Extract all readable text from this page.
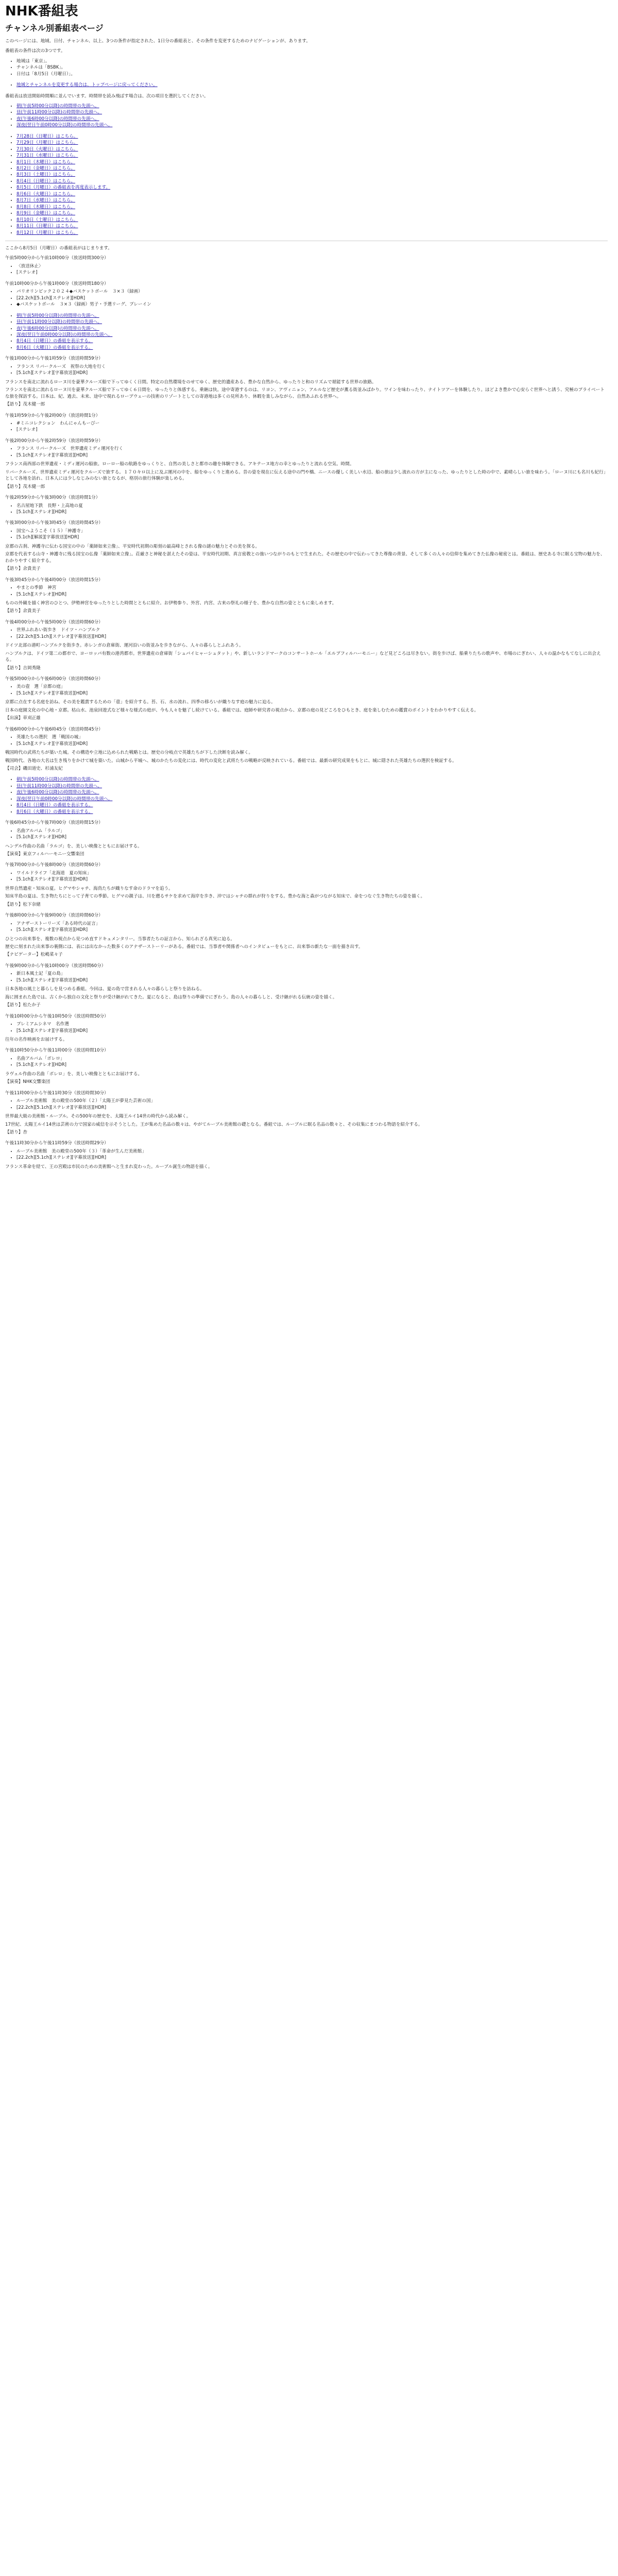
NHK番組表
チャンネル別番組表ページ

このページには、地域、日付、チャンネル、以上、3つの条件が指定された、1日分の番組表と、その条件を変更するためのナビゲーションが、あります。

番組表の条件は次の3つです。

• 地域は「東京」。
• チャンネルは「BSBK」。
• 日付は「8月5日（月曜日）」。
• 地域とチャンネルを変更する場合は、トップページに戻ってください。

番組表は放送開始時間順に並んでいます。時間帯を読み飛ばす場合は、次の項目を選択してください。

• 朝(午前5時00分以降)の時間帯の先頭へ。
• 昼(午前11時00分以降)の時間帯の先頭へ。
• 夜(午後6時00分以降)の時間帯の先頭へ。
• 深夜(翌日午前0時00分以降)の時間帯の先頭へ。
• 7月28日（日曜日）はこちら。
• 7月29日（月曜日）はこちら。
• 7月30日（火曜日）はこちら。
• 7月31日（水曜日）はこちら。
• 8月1日（木曜日）はこちら。
• 8月2日（金曜日）はこちら。
• 8月3日（土曜日）はこちら。
• 8月4日（日曜日）はこちら。
• 8月5日（月曜日）の番組表を再度表示します。
• 8月6日（火曜日）はこちら。
• 8月7日（水曜日）はこちら。
• 8月8日（木曜日）はこちら。
• 8月9日（金曜日）はこちら。
• 8月10日（土曜日）はこちら。
• 8月11日（日曜日）はこちら。
• 8月12日（月曜日）はこちら。

ここから8月5日（月曜日）の番組表がはじまります。

午前5時00分から午前10時00分（放送時間300分）
• 〈放送休止〉
• [ステレオ]
午前10時00分から午後1時00分（放送時間180分）
• パリオリンピック２０２４◆バスケットボール　３×３（録画）
• [22.2ch][5.1ch][ステレオ][HDR]
• ◆バスケットボール　３×３（録画）男子・予選リーグ、プレーイン
• 朝(午前5時00分以降)の時間帯の先頭へ。
• 昼(午前11時00分以降)の時間帯の先頭へ。
• 夜(午後6時00分以降)の時間帯の先頭へ。
• 深夜(翌日午前0時00分以降)の時間帯の先頭へ。
• 8月4日（日曜日）の番組を表示する。
• 8月6日（火曜日）の番組を表示する。
午後1時00分から午後1時59分（放送時間59分）
• フランス リバークルーズ　祝祭の大地を行く
• [5.1ch][ステレオ][字幕放送][HDR]

フランスを南北に流れるローヌ川を豪華クルーズ船で下ってゆくく日間。特定の自然環境をのせてゆく、歴史的遺産ある、豊かな自然から、ゆったりと和のリズムで堪能する世界の旅路。

フランスを南北に流れるローヌ川を豪華クルーズ船で下ってゆく６日間を、ゆったりと体感する。乗継は快。途中寄港するのは、リヨン、アヴィニョン、アルルなど歴史が薫る街並みばかり。ワインを味わったり、ナイトツアーを体験したり。ほどよき豊かで心安らぐ世界へと誘う、究極のプライベートな旅を探訪する。日本は、紀、過去、未来、途中で現れるロープウェーの技術のリゾートとしての寄港地は多くの見所あり、休暇を楽しみながら、自然あふれる世界へ。

【語り】茂木健一郎

午後1時59分から午後2時00分（放送時間1分）
• #ミニコレクション　わんにゃんもーびー
• [ステレオ]
午後2時00分から午後2時59分（放送時間59分）
• フランス リバークルーズ　世界遺産ミディ運河を行く
• [5.1ch][ステレオ][字幕放送][HDR]

フランス南西部の世界遺産・ミディ運河の船旅。ローロー船の航路をゆっくりと、自然の美しさと都市の趣を体験できる。アキテーヌ地方の幸とゆったりと流れる空気、時間。

リバークルーズ、世界遺産ミディ運河をクルーズで旅する。１７０キロ以上に及ぶ運河の中を、船をゆっくりと進める。昔の姿を現在に伝える途中の門や橋、ニースの優しく美しい水辺、船の旅は少し流れの方が主になった、ゆったりとした時の中で、素晴らしい旅を味わう。「ローヌ川にも名川も紀行」として各地を訪れ、日本人には少しなじみのない旅となるが、格別の旅行体験が楽しめる。

【語り】茂木健一郎

午後2時59分から午後3時00分（放送時間1分）
• 名古屋地下鉄　長野・上高地の夏
• [5.1ch][ステレオ][HDR]
午後3時00分から午後3時45分（放送時間45分）
• 国宝へようこそ（１５）「神護寺」
• [5.1ch][解説][字幕放送][HDR]

京都の古刹、神護寺に伝わる国宝の中の「薬師如来立像」、平安時代初期の彫刻の最高峰とされる像の謎の魅力とその美を探る。

京都を代表する山寺・神護寺に残る国宝の仏像「薬師如来立像」。荘厳さと神秘を湛えたその姿は、平安時代初期、真言密教との強いつながりのもとで生まれた。その歴史の中で伝わってきた尊像の背景、そして多くの人々の信仰を集めてきた仏像の秘密とは。番組は、歴史ある寺に眠る宝物の魅力を、わかりやすく紹介する。

【語り】余貴美子

午後3時45分から午後4時00分（放送時間15分）
• やまとの季節　神宮
• [5.1ch][ステレオ][HDR]

ものの外観を描く神宮のひとつ、伊勢神宮をゆったりとした時間とともに紹介。お伊勢参り、外宮、内宮、古来の祭礼の様子を、豊かな自然の姿とともに楽しめます。

【語り】余貴美子

午後4時00分から午後5時00分（放送時間60分）
• 世界ふれあい街歩き　ドイツ・ハンブルク
• [22.2ch][5.1ch][ステレオ][字幕放送][HDR]

ドイツ北部の港町ハンブルクを街歩き。赤レンガの倉庫街、運河沿いの街並みを歩きながら、人々の暮らしとふれあう。

ハンブルクは、ドイツ第二の都市で、ヨーロッパ有数の港湾都市。世界遺産の倉庫街「シュパイヒャーシュタット」や、新しいランドマークのコンサートホール「エルプフィルハーモニー」など見どころは尽きない。街を歩けば、船乗りたちの歌声や、市場のにぎわい、人々の温かなもてなしに出会える。

【語り】吉岡秀隆

午後5時00分から午後6時00分（放送時間60分）
• 美の壺　選「京都の庭」
• [5.1ch][ステレオ][字幕放送][HDR]

京都に点在する名庭を訪ね、その美を鑑賞するための「壺」を紹介する。苔、石、水の流れ、四季の移ろいが織りなす庭の魅力に迫る。

日本の庭園文化の中心地・京都。枯山水、池泉回遊式など様々な様式の庭が、今も人々を魅了し続けている。番組では、庭師や研究者の視点から、京都の庭の見どころをひもとき、庭を楽しむための鑑賞のポイントをわかりやすく伝える。

【出演】草刈正雄

午後6時00分から午後6時45分（放送時間45分）
• 英雄たちの選択　選「戦国の城」
• [5.1ch][ステレオ][字幕放送][HDR]

戦国時代の武将たちが築いた城。その構造や立地に込められた戦略とは。歴史の分岐点で英雄たちが下した決断を読み解く。

戦国時代、各地の大名は生き残りをかけて城を築いた。山城から平城へ、城のかたちの変化には、時代の変化と武将たちの戦略が反映されている。番組では、最新の研究成果をもとに、城に隠された英雄たちの選択を検証する。

【司会】磯田道史、杉浦友紀

• 朝(午前5時00分以降)の時間帯の先頭へ。
• 昼(午前11時00分以降)の時間帯の先頭へ。
• 夜(午後6時00分以降)の時間帯の先頭へ。
• 深夜(翌日午前0時00分以降)の時間帯の先頭へ。
• 8月4日（日曜日）の番組を表示する。
• 8月6日（火曜日）の番組を表示する。
午後6時45分から午後7時00分（放送時間15分）
• 名曲アルバム「ラルゴ」
• [5.1ch][ステレオ][HDR]

ヘンデル作曲の名曲「ラルゴ」を、美しい映像とともにお届けする。

【演奏】東京フィルハーモニー交響楽団

午後7時00分から午後8時00分（放送時間60分）
• ワイルドライフ「北海道　夏の知床」
• [5.1ch][ステレオ][字幕放送][HDR]

世界自然遺産・知床の夏。ヒグマやシャチ、海鳥たちが織りなす命のドラマを追う。

知床半島の夏は、生き物たちにとって子育ての季節。ヒグマの親子は、川を遡るサケを求めて海岸を歩き、沖ではシャチの群れが狩りをする。豊かな海と森がつながる知床で、命をつなぐ生き物たちの姿を描く。

【語り】松下奈緒

午後8時00分から午後9時00分（放送時間60分）
• アナザーストーリーズ「ある時代の証言」
• [5.1ch][ステレオ][字幕放送][HDR]

ひとつの出来事を、複数の視点から見つめ直すドキュメンタリー。当事者たちの証言から、知られざる真実に迫る。

歴史に刻まれた出来事の裏側には、表には出なかった数多くのアナザーストーリーがある。番組では、当事者や関係者へのインタビューをもとに、出来事の新たな一面を描き出す。

【ナビゲーター】松嶋菜々子

午後9時00分から午後10時00分（放送時間60分）
• 新日本風土記「夏の島」
• [5.1ch][ステレオ][字幕放送][HDR]

日本各地の風土と暮らしを見つめる番組。今回は、夏の島で営まれる人々の暮らしと祭りを訪ねる。

海に囲まれた島では、古くから独自の文化と祭りが受け継がれてきた。夏になると、島は祭りの準備でにぎわう。島の人々の暮らしと、受け継がれる伝統の姿を描く。

【語り】松たか子

午後10時00分から午後10時50分（放送時間50分）
• プレミアムシネマ　名作選
• [5.1ch][ステレオ][字幕放送][HDR]

往年の名作映画をお届けする。

午後10時50分から午後11時00分（放送時間10分）
• 名曲アルバム「ボレロ」
• [5.1ch][ステレオ][HDR]

ラヴェル作曲の名曲「ボレロ」を、美しい映像とともにお届けする。

【演奏】NHK交響楽団

午後11時00分から午後11時30分（放送時間30分）
• ルーブル美術館　美の殿堂の500年（２）「太陽王が夢見た芸術の国」
• [22.2ch][5.1ch][ステレオ][字幕放送][HDR]

世界最大級の美術館・ルーブル。その500年の歴史を、太陽王ルイ14世の時代から読み解く。

17世紀、太陽王ルイ14世は芸術の力で国家の威信を示そうとした。王が集めた名品の数々は、やがてルーブル美術館の礎となる。番組では、ルーブルに眠る名品の数々と、その収集にまつわる物語を紹介する。

【語り】杏

午後11時30分から午後11時59分（放送時間29分）
• ルーブル美術館　美の殿堂の500年（３）「革命が生んだ美術館」
• [22.2ch][5.1ch][ステレオ][字幕放送][HDR]

フランス革命を経て、王の宮殿は市民のための美術館へと生まれ変わった。ルーブル誕生の物語を描く。
